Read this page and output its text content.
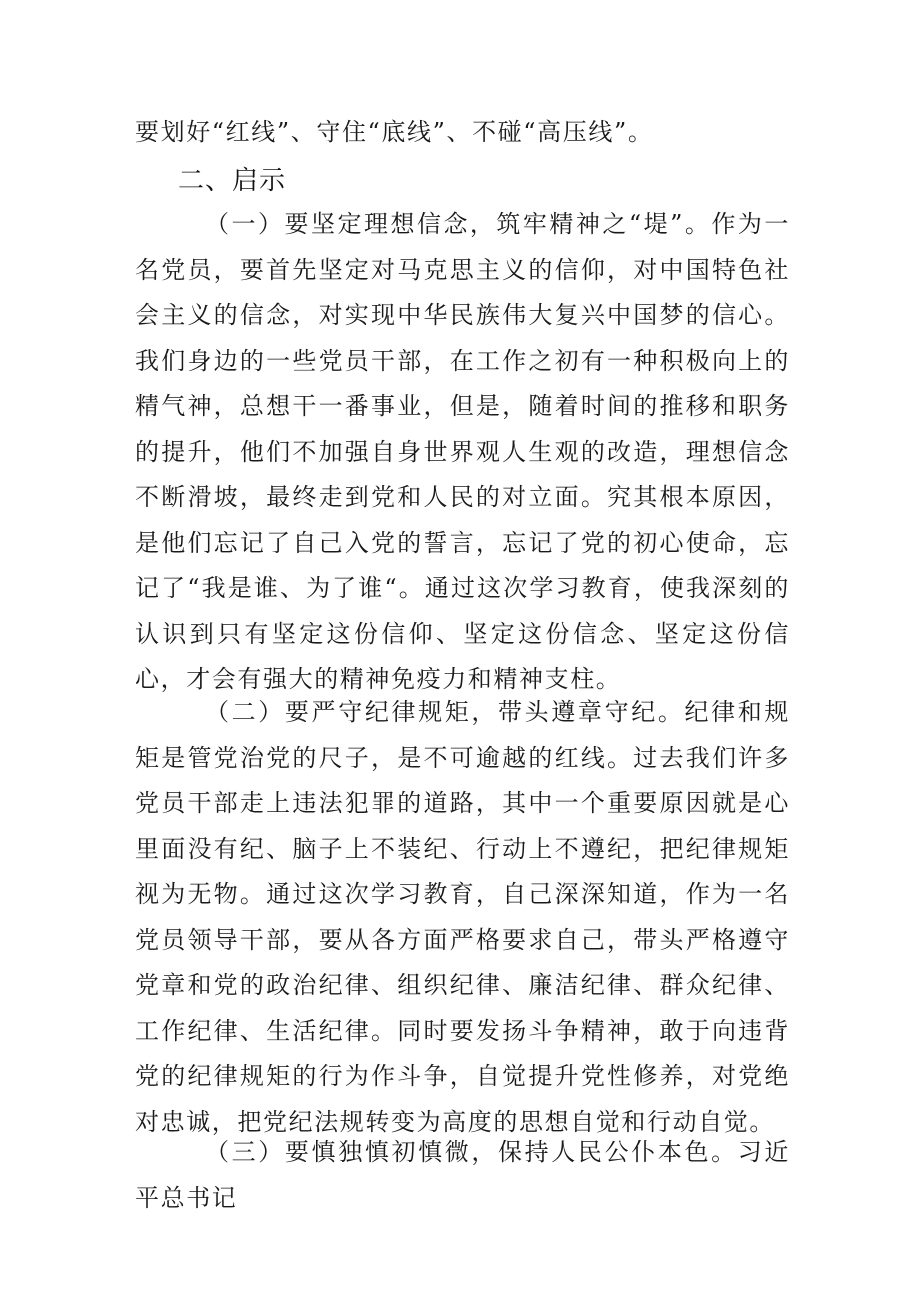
要划好“红线”、守住“底线”、不碰“高压线”。

二、启示

（一）要坚定理想信念，筑牢精神之“堤”。作为一名党员，要首先坚定对马克思主义的信仰，对中国特色社会主义的信念，对实现中华民族伟大复兴中国梦的信心。我们身边的一些党员干部，在工作之初有一种积极向上的精气神，总想干一番事业，但是，随着时间的推移和职务的提升，他们不加强自身世界观人生观的改造，理想信念不断滑坡，最终走到党和人民的对立面。究其根本原因，是他们忘记了自己入党的誓言，忘记了党的初心使命，忘记了“我是谁、为了谁“。通过这次学习教育，使我深刻的认识到只有坚定这份信仰、坚定这份信念、坚定这份信心，才会有强大的精神免疫力和精神支柱。

（二）要严守纪律规矩，带头遵章守纪。纪律和规矩是管党治党的尺子，是不可逾越的红线。过去我们许多党员干部走上违法犯罪的道路，其中一个重要原因就是心里面没有纪、脑子上不装纪、行动上不遵纪，把纪律规矩视为无物。通过这次学习教育，自己深深知道，作为一名党员领导干部，要从各方面严格要求自己，带头严格遵守党章和党的政治纪律、组织纪律、廉洁纪律、群众纪律、工作纪律、生活纪律。同时要发扬斗争精神，敢于向违背党的纪律规矩的行为作斗争，自觉提升党性修养，对党绝对忠诚，把党纪法规转变为高度的思想自觉和行动自觉。

（三）要慎独慎初慎微，保持人民公仆本色。习近平总书记
